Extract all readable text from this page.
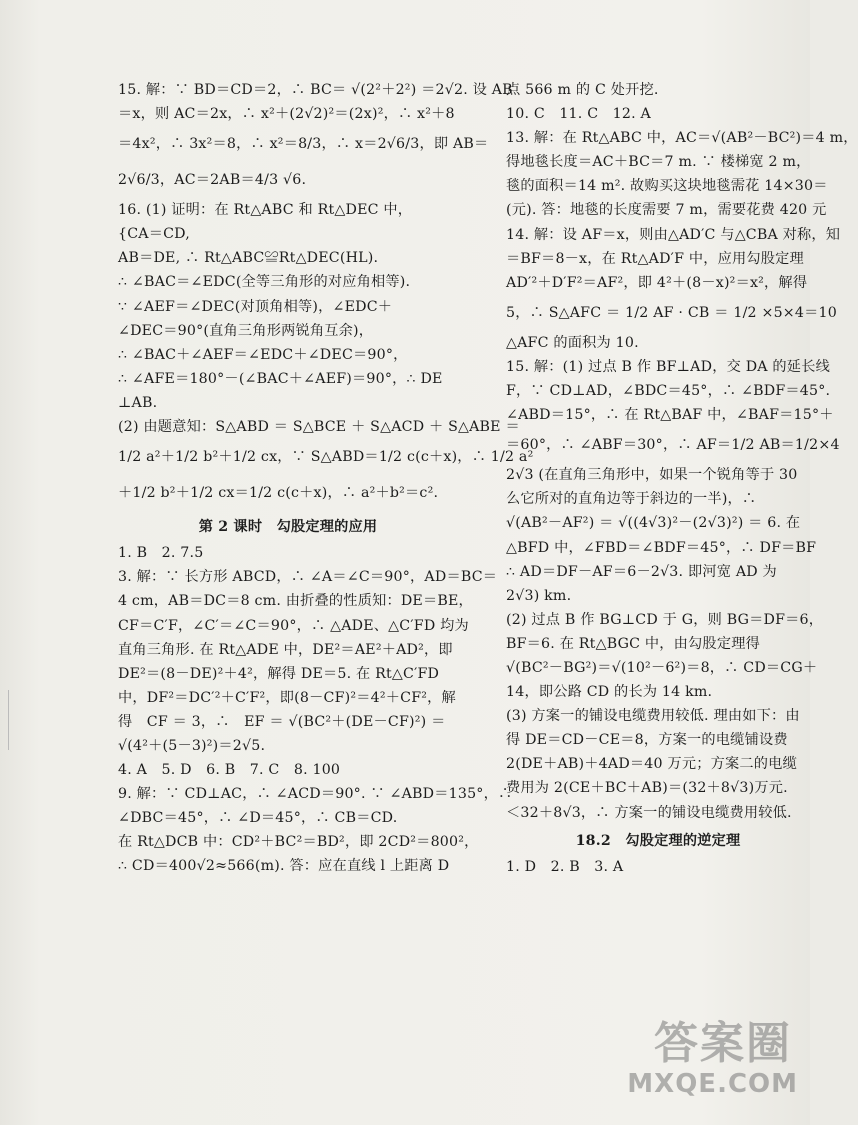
15. 解：∵ BD＝CD＝2，∴ BC＝ √(2²＋2²) ＝2√2. 设 AB
＝x，则 AC＝2x，∴ x²＋(2√2)²＝(2x)²，∴ x²＋8
＝4x²，∴ 3x²＝8，∴ x²＝8/3，∴ x＝2√6/3，即 AB＝
2√6/3，AC＝2AB＝4/3 √6.
16. (1) 证明：在 Rt△ABC 和 Rt△DEC 中，
{CA＝CD,
AB＝DE, ∴ Rt△ABC≌Rt△DEC(HL).
∴ ∠BAC＝∠EDC(全等三角形的对应角相等).
∵ ∠AEF＝∠DEC(对顶角相等)，∠EDC＋
∠DEC＝90°(直角三角形两锐角互余)，
∴ ∠BAC＋∠AEF＝∠EDC＋∠DEC＝90°，
∴ ∠AFE＝180°－(∠BAC＋∠AEF)＝90°，∴ DE
⊥AB.
(2) 由题意知：S△ABD ＝ S△BCE ＋ S△ACD ＋ S△ABE ＝
1/2 a²＋1/2 b²＋1/2 cx，∵ S△ABD＝1/2 c(c＋x)，∴ 1/2 a²
＋1/2 b²＋1/2 cx＝1/2 c(c＋x)，∴ a²＋b²＝c².
第 2 课时　勾股定理的应用
1. B　2. 7.5
3. 解：∵ 长方形 ABCD，∴ ∠A＝∠C＝90°，AD＝BC＝
4 cm，AB＝DC＝8 cm. 由折叠的性质知：DE＝BE，
CF＝C′F，∠C′＝∠C＝90°，∴ △ADE、△C′FD 均为
直角三角形. 在 Rt△ADE 中，DE²＝AE²＋AD²，即
DE²＝(8－DE)²＋4²，解得 DE＝5. 在 Rt△C′FD
中，DF²＝DC′²＋C′F²，即(8－CF)²＝4²＋CF²，解
得　CF ＝ 3，∴　EF ＝ √(BC²＋(DE－CF)²) ＝
√(4²＋(5－3)²)＝2√5.
4. A　5. D　6. B　7. C　8. 100
9. 解：∵ CD⊥AC，∴ ∠ACD＝90°. ∵ ∠ABD＝135°，∴
∠DBC＝45°，∴ ∠D＝45°，∴ CB＝CD.
在 Rt△DCB 中：CD²＋BC²＝BD²，即 2CD²＝800²，
∴ CD＝400√2≈566(m). 答：应在直线 l 上距离 D
点 566 m 的 C 处开挖.
10. C　11. C　12. A
13. 解：在 Rt△ABC 中，AC＝√(AB²－BC²)＝4 m，
得地毯长度＝AC＋BC＝7 m. ∵ 楼梯宽 2 m，
毯的面积＝14 m². 故购买这块地毯需花 14×30＝
(元). 答：地毯的长度需要 7 m，需要花费 420 元
14. 解：设 AF＝x，则由△AD′C 与△CBA 对称，知
＝BF＝8－x，在 Rt△AD′F 中，应用勾股定理
AD′²＋D′F²＝AF²，即 4²＋(8－x)²＝x²，解得
5，∴ S△AFC ＝ 1/2 AF · CB ＝ 1/2 ×5×4＝10
△AFC 的面积为 10.
15. 解：(1) 过点 B 作 BF⊥AD，交 DA 的延长线
F，∵ CD⊥AD，∠BDC＝45°，∴ ∠BDF＝45°.
∠ABD＝15°，∴ 在 Rt△BAF 中，∠BAF＝15°＋
＝60°，∴ ∠ABF＝30°，∴ AF＝1/2 AB＝1/2×4
2√3 (在直角三角形中，如果一个锐角等于 30
么它所对的直角边等于斜边的一半)，∴
√(AB²－AF²) ＝ √((4√3)²－(2√3)²) ＝ 6. 在
△BFD 中，∠FBD＝∠BDF＝45°，∴ DF＝BF
∴ AD＝DF－AF＝6－2√3. 即河宽 AD 为
2√3) km.
(2) 过点 B 作 BG⊥CD 于 G，则 BG＝DF＝6，
BF＝6. 在 Rt△BGC 中，由勾股定理得
√(BC²－BG²)＝√(10²－6²)＝8，∴ CD＝CG＋
14，即公路 CD 的长为 14 km.
(3) 方案一的铺设电缆费用较低. 理由如下：由
得 DE＝CD－CE＝8，方案一的电缆铺设费
2(DE＋AB)＋4AD＝40 万元；方案二的电缆
费用为 2(CE＋BC＋AB)＝(32＋8√3)万元.
＜32＋8√3，∴ 方案一的铺设电缆费用较低.
18.2　勾股定理的逆定理
1. D　2. B　3. A
答案圈
MXQE.COM
